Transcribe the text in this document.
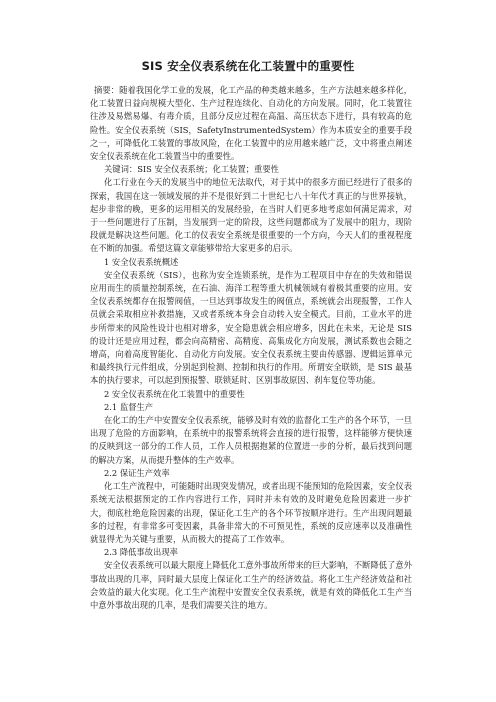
SIS 安全仪表系统在化工装置中的重要性

摘要：随着我国化学工业的发展，化工产品的种类越来越多，生产方法越来越多样化，化工装置日益向规模大型化、生产过程连续化、自动化的方向发展。同时，化工装置往往涉及易燃易爆、有毒介质，且部分反应过程在高温、高压状态下进行，具有较高的危险性。安全仪表系统（SIS，SafetyInstrumentedSystem）作为本质安全的重要手段之一，可降低化工装置的事故风险，在化工装置中的应用越来越广泛，文中将重点阐述安全仪表系统在化工装置当中的重要性。

关键词：SIS 安全仪表系统；化工装置；重要性

化工行业在今天的发展当中的地位无法取代，对于其中的很多方面已经进行了很多的探索，我国在这一领域发展的并不是很好到二十世纪七八十年代才真正的与世界接轨，起步非常的晚，更多的运用相关的发展经验，在当时人们更多地考虑如何满足需求，对于一些问题进行了压制，当发展到一定的阶段，这些问题都成为了发展中的阻力，现阶段就是解决这些问题。化工的仪表安全系统是很重要的一个方向，今天人们的重视程度在不断的加强。希望这篇文章能够带给大家更多的启示。

1 安全仪表系统概述

安全仪表系统（SIS），也称为安全连锁系统，是作为工程项目中存在的失效和错误应用而生的质量控制系统，在石油、海洋工程等重大机械领域有着极其重要的应用。安全仪表系统都存在报警阀值，一旦达到事故发生的阀值点，系统就会出现报警，工作人员就会采取相应补救措施，又或者系统本身会自动转入安全模式。目前，工业水平的进步所带来的风险性设计也相对增多，安全隐患就会相应增多，因此在未来，无论是 SIS 的设计还是应用过程，都会向高精密、高精度、高集成化方向发展，测试系数也会随之增高，向着高度智能化、自动化方向发展。安全仪表系统主要由传感器、逻辑运算单元和最终执行元件组成，分别起到检测、控制和执行的作用。所谓安全联锁，是 SIS 最基本的执行要求，可以起到预报警、联锁延时、区别事故原因、刹车复位等功能。

2 安全仪表系统在化工装置中的重要性

2.1 监督生产

在化工的生产中安置安全仪表系统，能够及时有效的监督化工生产的各个环节，一旦出现了危险的方面影响，在系统中的报警系统将会直接的进行报警，这样能够方便快速的反映到这一部分的工作人员，工作人员根据抱紧的位置进一步的分析，最后找到问题的解决方案，从而提升整体的生产效率。

2.2 保证生产效率

化工生产流程中，可能随时出现突发情况，或者出现不能预知的危险因素，安全仪表系统无法根据预定的工作内容进行工作，同时并未有效的及时避免危险因素进一步扩大，彻底杜绝危险因素的出现，保证化工生产的各个环节按顺序进行。生产出现问题最多的过程，有非常多可变因素，具备非常大的不可预见性，系统的反应速率以及准确性就显得尤为关键与重要，从而极大的提高了工作效率。

2.3 降低事故出现率

安全仪表系统可以最大限度上降低化工意外事故所带来的巨大影响，不断降低了意外事故出现的几率，同时最大层度上保证化工生产的经济效益。将化工生产经济效益和社会效益的最大化实现。化工生产流程中安置安全仪表系统，就是有效的降低化工生产当中意外事故出现的几率，是我们需要关注的地方。
